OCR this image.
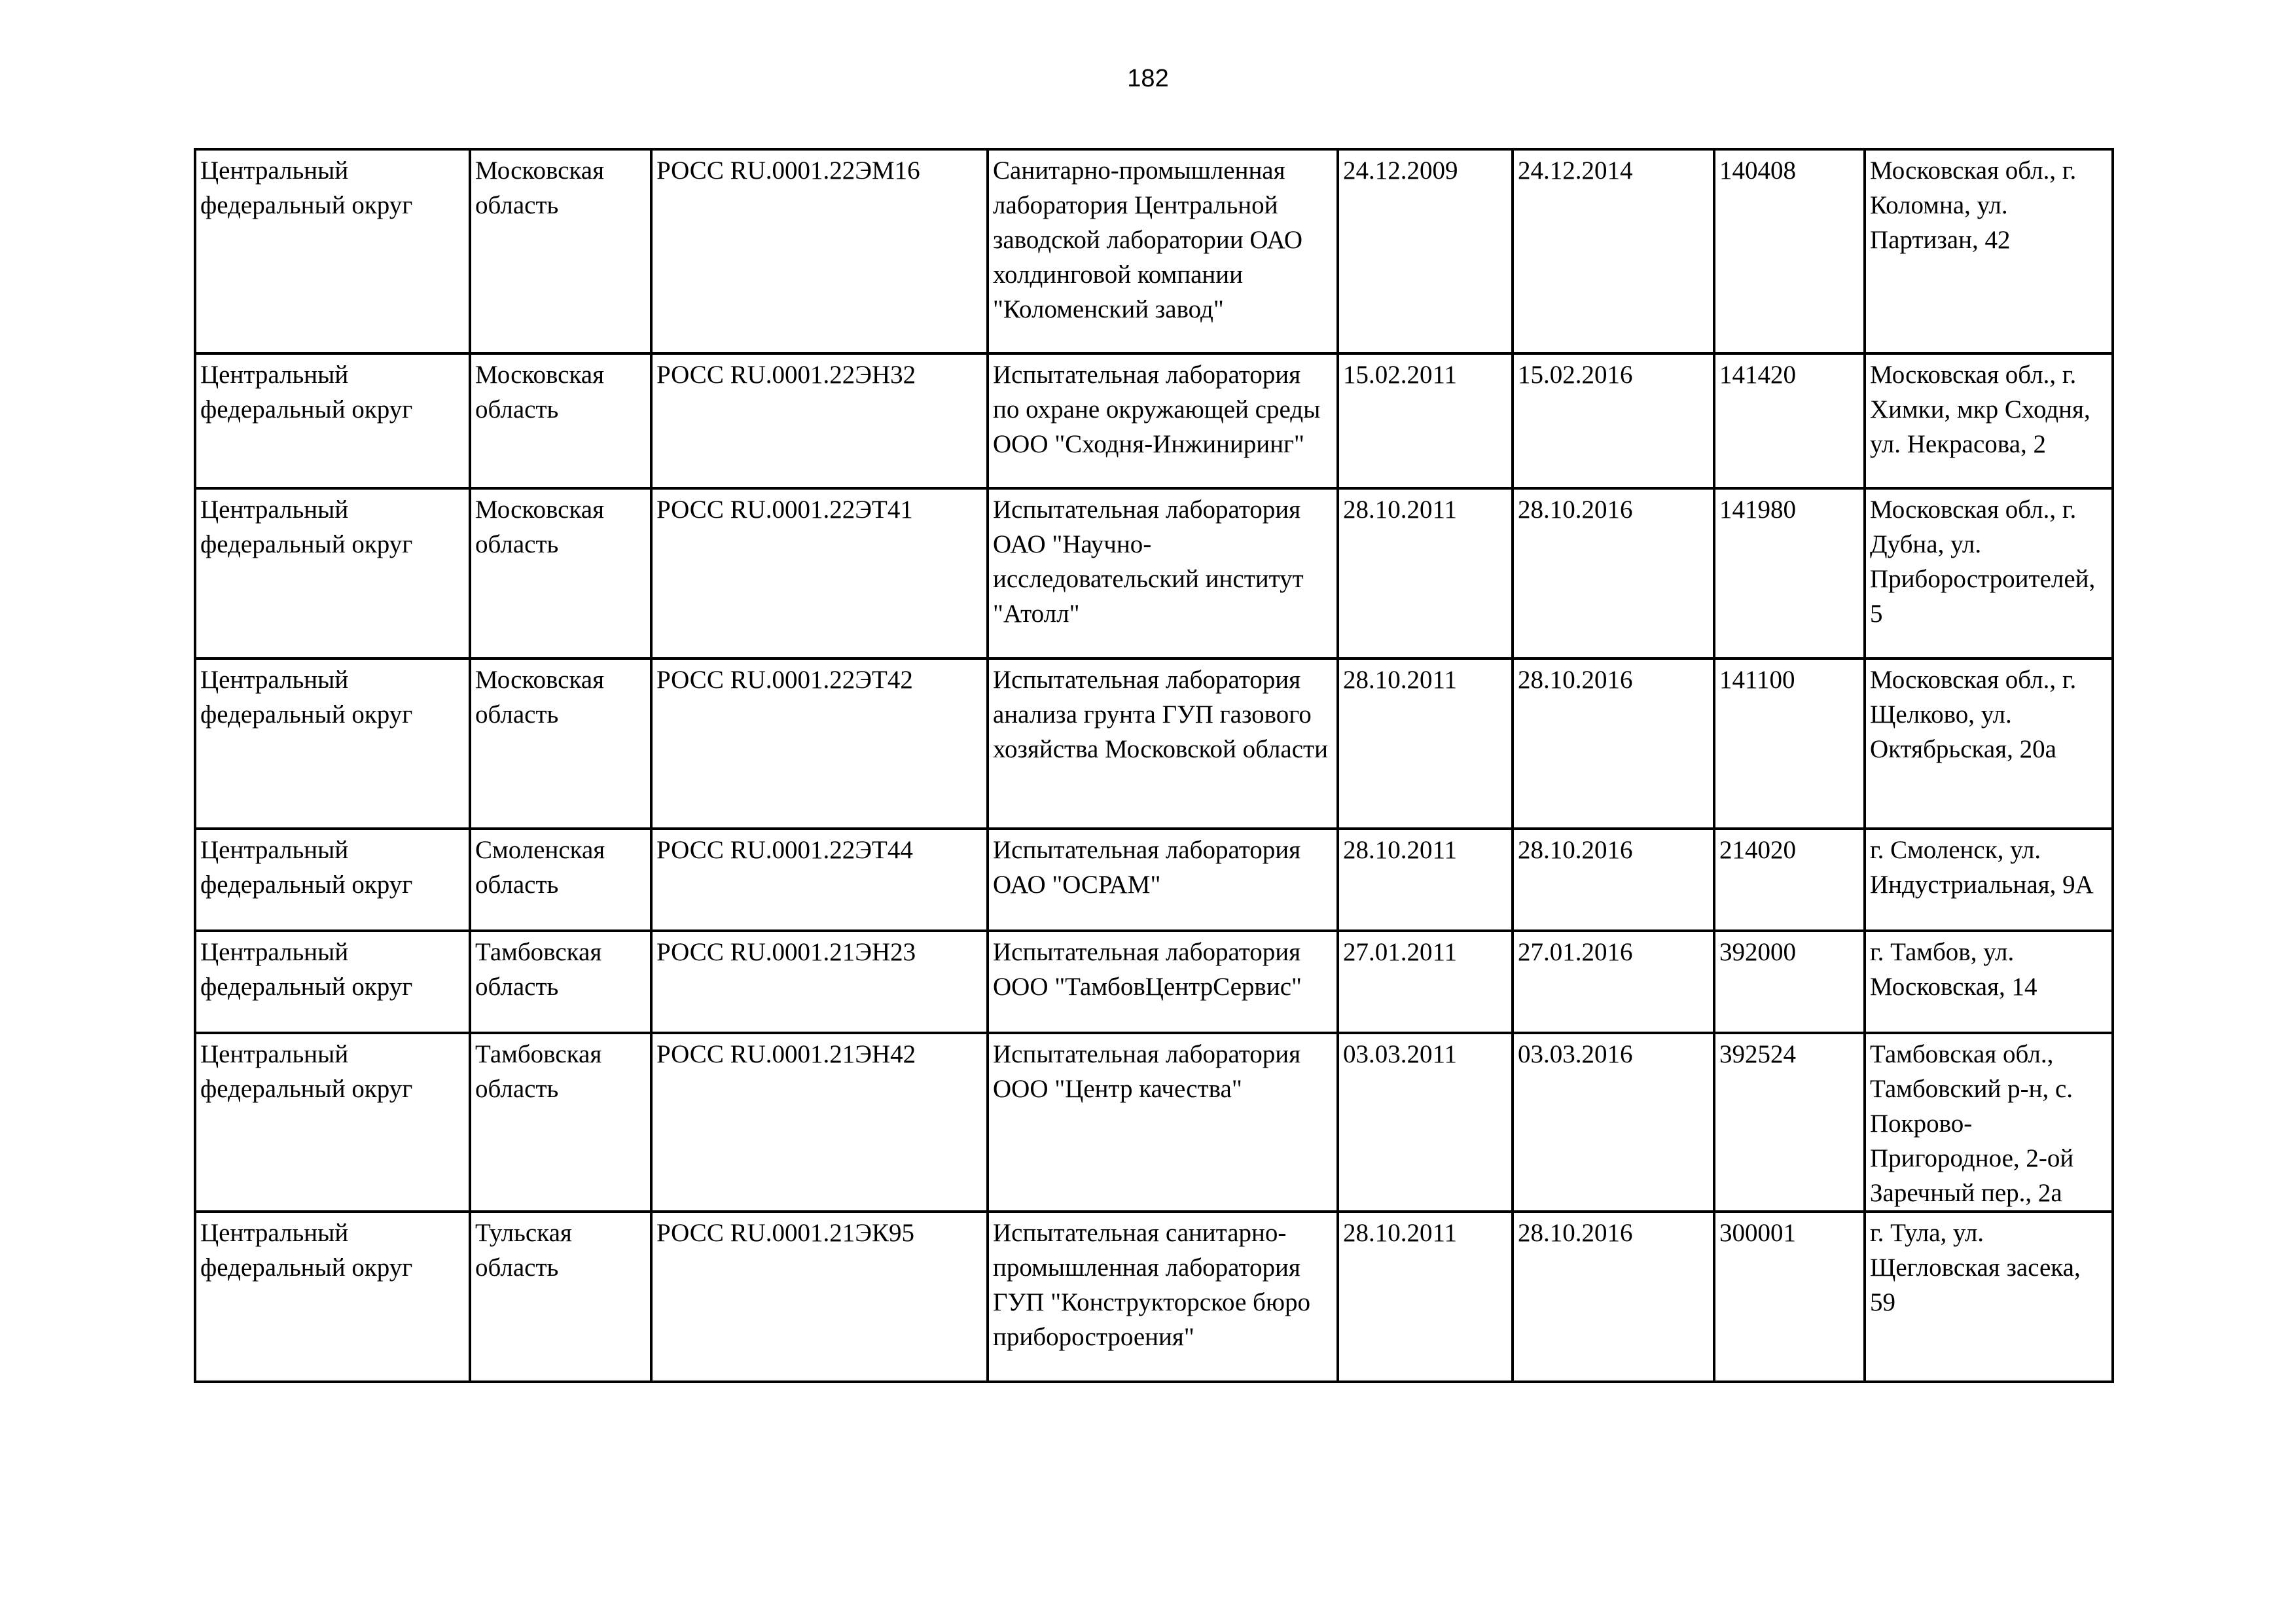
182
Центральный федеральный округ	Московская область	РОСС RU.0001.22ЭМ16	Санитарно-промышленная лаборатория Центральной заводской лаборатории ОАО холдинговой компании "Коломенский завод"	24.12.2009	24.12.2014	140408	Московская обл., г. Коломна, ул. Партизан, 42
Центральный федеральный округ	Московская область	РОСС RU.0001.22ЭН32	Испытательная лаборатория по охране окружающей среды ООО "Сходня-Инжиниринг"	15.02.2011	15.02.2016	141420	Московская обл., г. Химки, мкр Сходня, ул. Некрасова, 2
Центральный федеральный округ	Московская область	РОСС RU.0001.22ЭТ41	Испытательная лаборатория ОАО "Научно-исследовательский институт "Атолл"	28.10.2011	28.10.2016	141980	Московская обл., г. Дубна, ул. Приборостроителей, 5
Центральный федеральный округ	Московская область	РОСС RU.0001.22ЭТ42	Испытательная лаборатория анализа грунта ГУП газового хозяйства Московской области	28.10.2011	28.10.2016	141100	Московская обл., г. Щелково, ул. Октябрьская, 20а
Центральный федеральный округ	Смоленская область	РОСС RU.0001.22ЭТ44	Испытательная лаборатория ОАО "ОСРАМ"	28.10.2011	28.10.2016	214020	г. Смоленск, ул. Индустриальная, 9А
Центральный федеральный округ	Тамбовская область	РОСС RU.0001.21ЭН23	Испытательная лаборатория ООО "ТамбовЦентрСервис"	27.01.2011	27.01.2016	392000	г. Тамбов, ул. Московская, 14
Центральный федеральный округ	Тамбовская область	РОСС RU.0001.21ЭН42	Испытательная лаборатория ООО "Центр качества"	03.03.2011	03.03.2016	392524	Тамбовская обл., Тамбовский р-н, с. Покрово-Пригородное, 2-ой Заречный пер., 2а
Центральный федеральный округ	Тульская область	РОСС RU.0001.21ЭК95	Испытательная санитарно-промышленная лаборатория ГУП "Конструкторское бюро приборостроения"	28.10.2011	28.10.2016	300001	г. Тула, ул. Щегловская засека, 59
